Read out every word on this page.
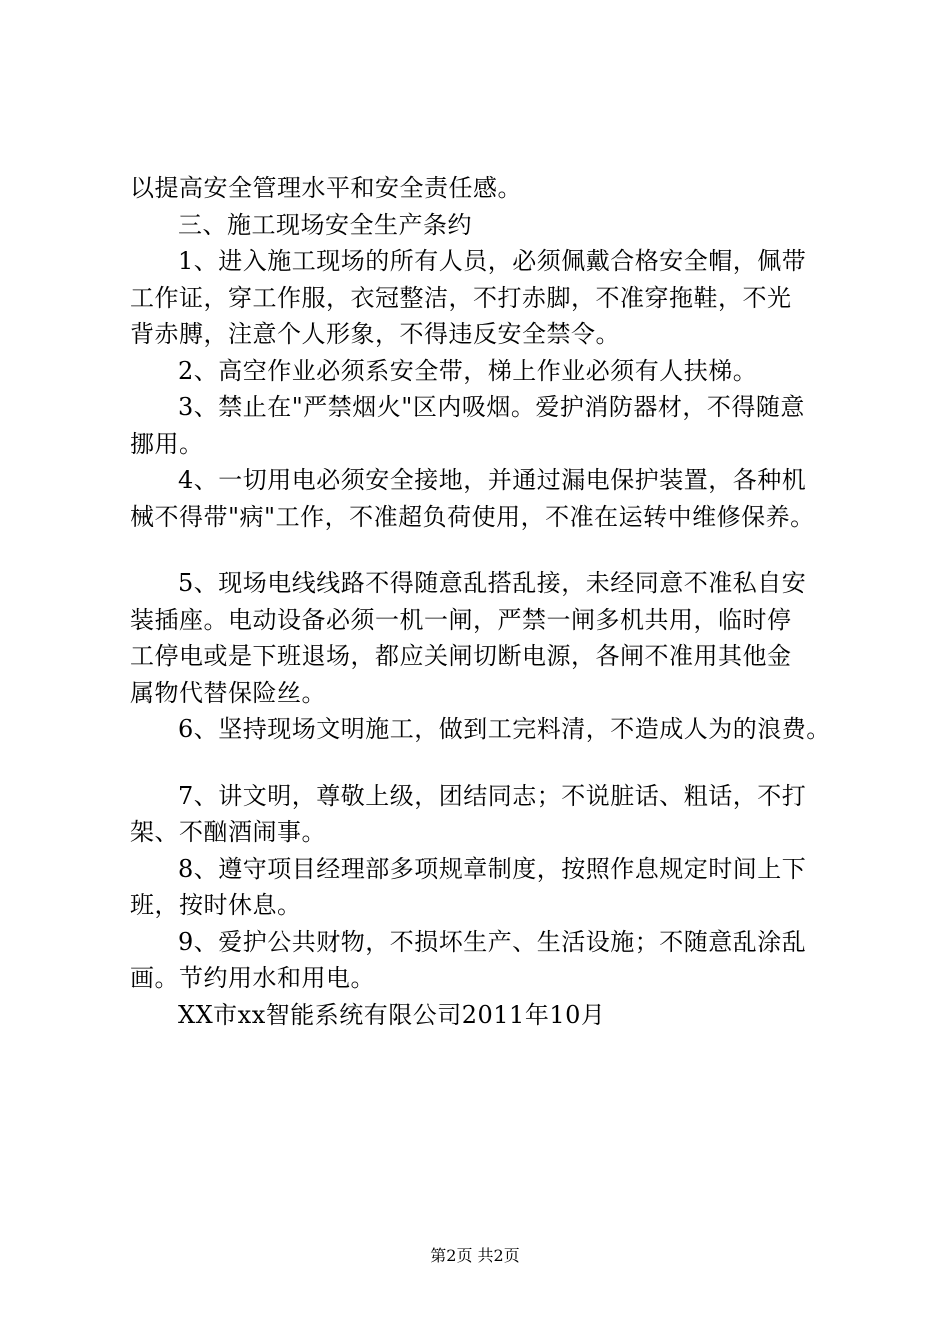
以提高安全管理水平和安全责任感。
三、施工现场安全生产条约
1、进入施工现场的所有人员，必须佩戴合格安全帽，佩带
工作证，穿工作服，衣冠整洁，不打赤脚，不准穿拖鞋，不光
背赤膊，注意个人形象，不得违反安全禁令。
2、高空作业必须系安全带，梯上作业必须有人扶梯。
3、禁止在"严禁烟火"区内吸烟。爱护消防器材，不得随意
挪用。
4、一切用电必须安全接地，并通过漏电保护装置，各种机
械不得带"病"工作，不准超负荷使用，不准在运转中维修保养。
5、现场电线线路不得随意乱搭乱接，未经同意不准私自安
装插座。电动设备必须一机一闸，严禁一闸多机共用，临时停
工停电或是下班退场，都应关闸切断电源，各闸不准用其他金
属物代替保险丝。
6、坚持现场文明施工，做到工完料清，不造成人为的浪费。
7、讲文明，尊敬上级，团结同志；不说脏话、粗话，不打
架、不酗酒闹事。
8、遵守项目经理部多项规章制度，按照作息规定时间上下
班，按时休息。
9、爱护公共财物，不损坏生产、生活设施；不随意乱涂乱
画。节约用水和用电。
XX市xx智能系统有限公司2011年10月
第2页 共2页
